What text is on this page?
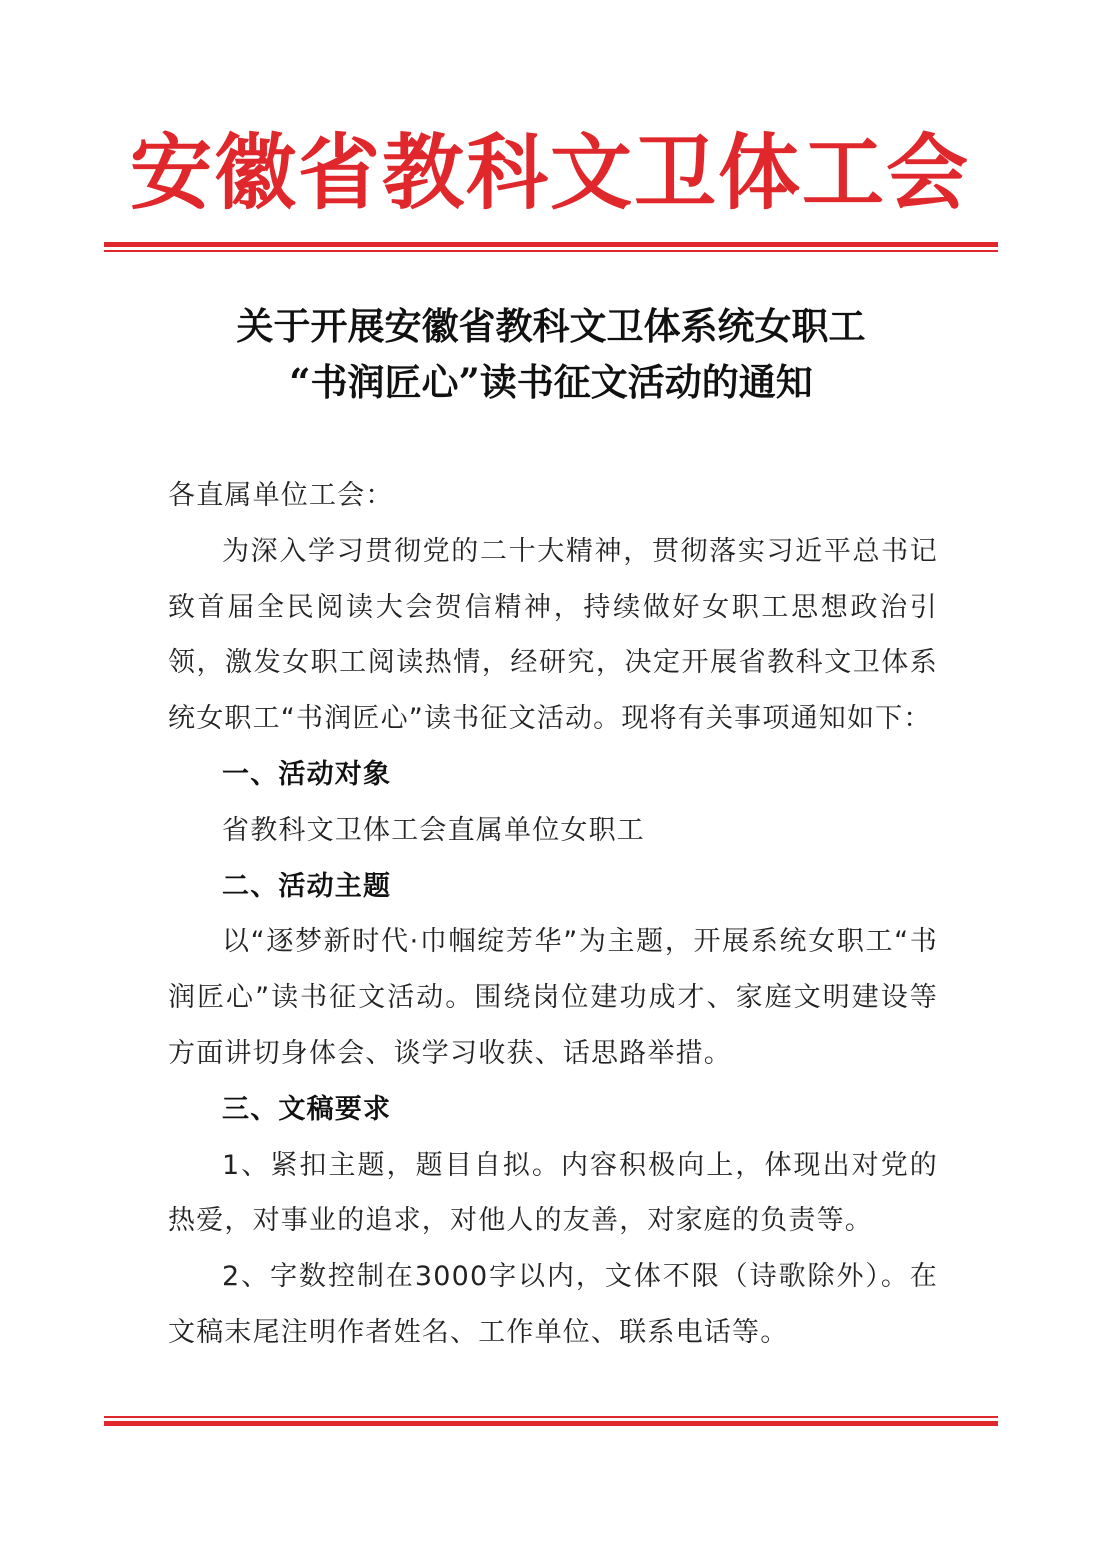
安徽省教科文卫体工会
关于开展安徽省教科文卫体系统女职工
“书润匠心”读书征文活动的通知

各直属单位工会：

为深入学习贯彻党的二十大精神，贯彻落实习近平总书记致首届全民阅读大会贺信精神，持续做好女职工思想政治引领，激发女职工阅读热情，经研究，决定开展省教科文卫体系统女职工“书润匠心”读书征文活动。现将有关事项通知如下：

一、活动对象

省教科文卫体工会直属单位女职工

二、活动主题

以“逐梦新时代·巾帼绽芳华”为主题，开展系统女职工“书润匠心”读书征文活动。围绕岗位建功成才、家庭文明建设等方面讲切身体会、谈学习收获、话思路举措。

三、文稿要求

1、紧扣主题，题目自拟。内容积极向上，体现出对党的热爱，对事业的追求，对他人的友善，对家庭的负责等。

2、字数控制在3000字以内，文体不限（诗歌除外）。在文稿末尾注明作者姓名、工作单位、联系电话等。
